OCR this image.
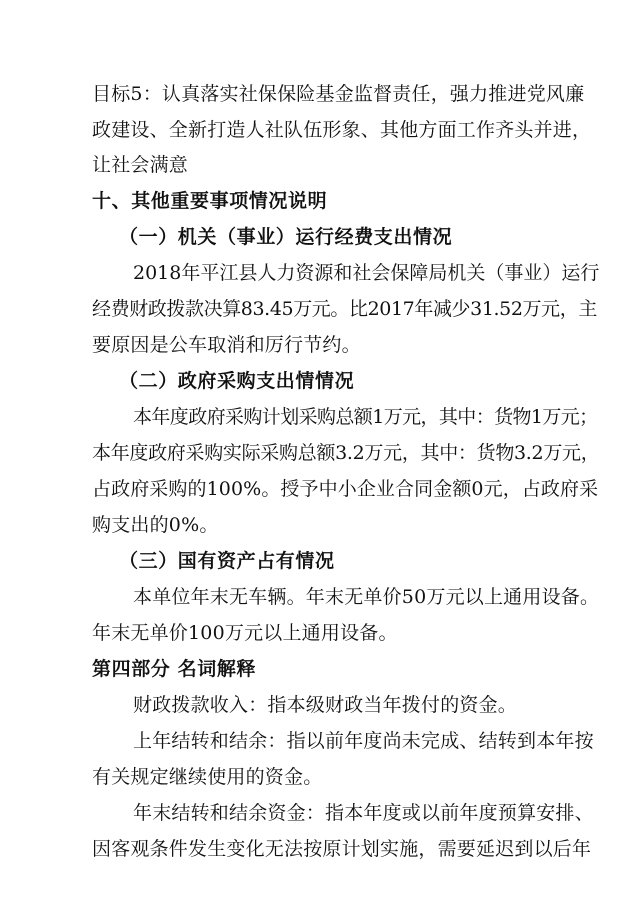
目标5：认真落实社保保险基金监督责任，强力推进党风廉
政建设、全新打造人社队伍形象、其他方面工作齐头并进，
让社会满意
十、其他重要事项情况说明
（一）机关（事业）运行经费支出情况
2018年平江县人力资源和社会保障局机关（事业）运行
经费财政拨款决算83.45万元。比2017年减少31.52万元，主
要原因是公车取消和厉行节约。
（二）政府采购支出情情况
本年度政府采购计划采购总额1万元，其中：货物1万元；
本年度政府采购实际采购总额3.2万元，其中：货物3.2万元，
占政府采购的100%。授予中小企业合同金额0元，占政府采
购支出的0%。
（三）国有资产占有情况
本单位年末无车辆。年末无单价50万元以上通用设备。
年末无单价100万元以上通用设备。
第四部分 名词解释
财政拨款收入：指本级财政当年拨付的资金。
上年结转和结余：指以前年度尚未完成、结转到本年按
有关规定继续使用的资金。
年末结转和结余资金：指本年度或以前年度预算安排、
因客观条件发生变化无法按原计划实施，需要延迟到以后年
